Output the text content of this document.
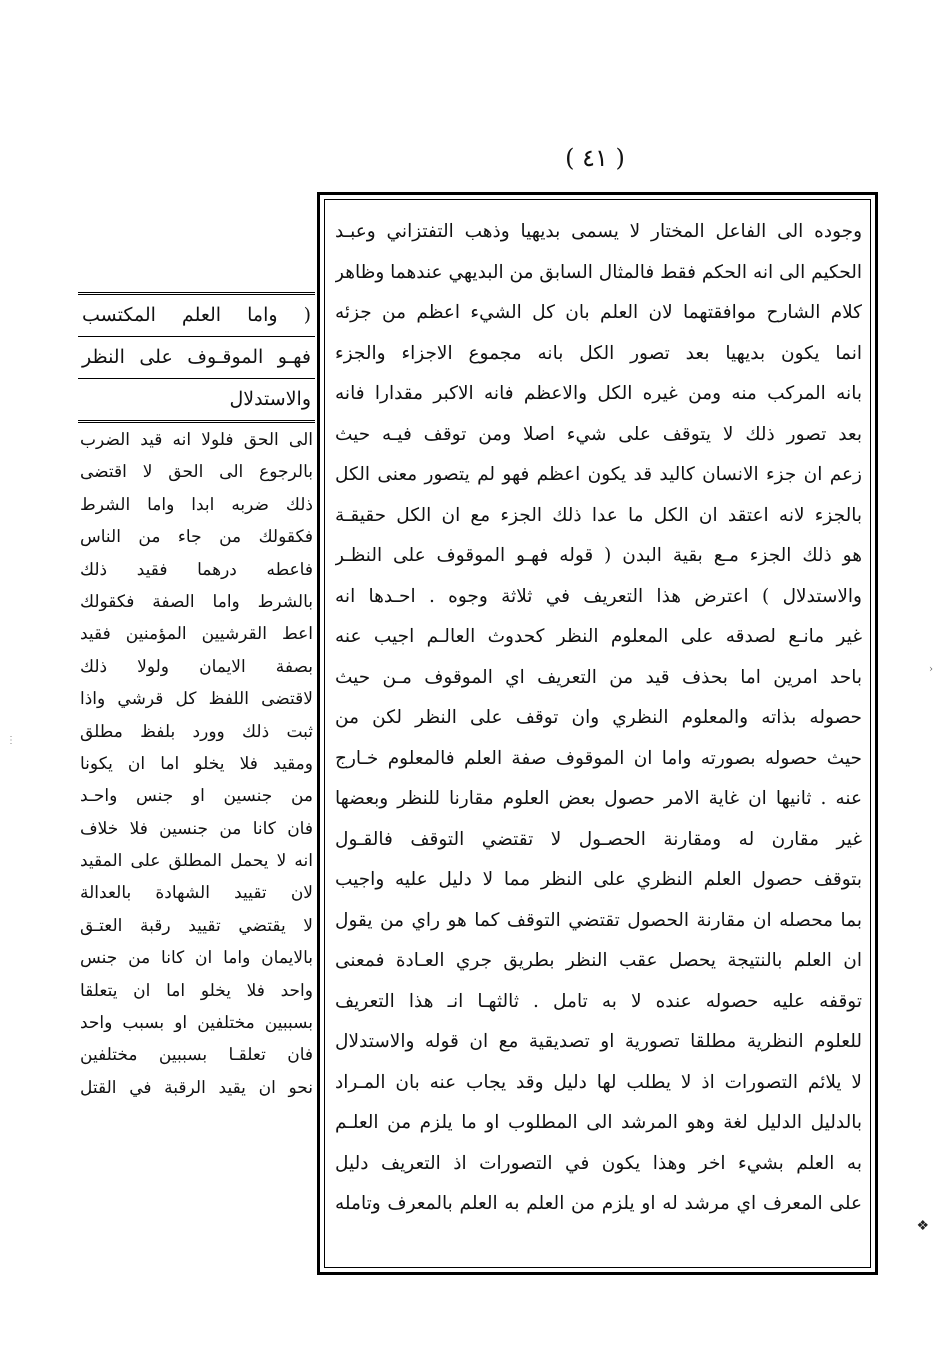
( ٤١ )
( واما العلم المكتسب
فهـو الموقـوف على النظر
والاستدلال
الى الحق فلولا انه قيد الضرب
بالرجوع الى الحق لا اقتضى
ذلك ضربه ابدا واما الشرط
فكقولك من جاء من الناس
فاعطه درهما فقيد ذلك
بالشرط واما الصفة فكقولك
اعط القرشيين المؤمنين فقيد
بصفة الايمان ولولا ذلك
لاقتضى اللفظ كل قرشي واذا
ثبت ذلك وورد بلفظ مطلق
ومقيد فلا يخلو اما ان يكونا
من جنسين او جنس واحـد
فان كانا من جنسين فلا خلاف
انه لا يحمل المطلق على المقيد
لان تقييد الشهادة بالعدالة
لا يقتضي تقييد رقبة العتـق
بالايمان واما ان كانا من جنس
واحد فلا يخلو اما ان يتعلقا
بسببين مختلفين او بسبب واحد
فان تعلقـا بسببين مختلفين
نحو ان يقيد الرقبة في القتل
وجوده الى الفاعل المختار لا يسمى بديهيا وذهب التفتزاني وعبـد
الحكيم الى انه الحكم فقط فالمثال السابق من البديهي عندهما وظاهر
كلام الشارح موافقتهما لان العلم بان كل الشيء اعظم من جزئه
انما يكون بديهيا بعد تصور الكل بانه مجموع الاجزاء والجزء
بانه المركب منه ومن غيره الكل والاعظم فانه الاكبر مقدارا فانه
بعد تصور ذلك لا يتوقف على شيء اصلا ومن توقف فيـه حيث
زعم ان جزء الانسان كاليد قد يكون اعظم فهو لم يتصور معنى الكل
بالجزء لانه اعتقد ان الكل ما عدا ذلك الجزء مع ان الكل حقيقـة
هو ذلك الجزء مـع بقية البدن ( قوله فهـو الموقوف على النظـر
والاستدلال ) اعترض هذا التعريف في ثلاثة وجوه . احـدها انه
غير مانـع لصدقه على المعلوم النظر كحدوث العالـم اجيب عنه
باحد امرين اما بحذف قيد من التعريف اي الموقوف مـن حيث
حصوله بذاته والمعلوم النظري وان توقف على النظر لكن من
حيث حصوله بصورته واما ان الموقوف صفة العلم فالمعلوم خـارج
عنه . ثانيها ان غاية الامر حصول بعض العلوم مقارنا للنظر وبعضها
غير مقارن له ومقارنة الحصـول لا تقتضي التوقف فالقـول
بتوقف حصول العلم النظري على النظر مما لا دليل عليه واجيب
بما محصله ان مقارنة الحصول تقتضي التوقف كما هو راي من يقول
ان العلم بالنتيجة يحصل عقب النظر بطريق جري العـادة فمعنى
توقفه عليه حصوله عنده لا به تامل . ثالثهـا انـ هذا التعريف
للعلوم النظرية مطلقا تصورية او تصديقية مع ان قوله والاستدلال
لا يلائم التصورات اذ لا يطلب لها دليل وقد يجاب عنه بان المـراد
بالدليل الدليل لغة وهو المرشد الى المطلوب او ما يلزم من العلـم
به العلم بشيء اخر وهذا يكون في التصورات اذ التعريف دليل
على المعرف اي مرشد له او يلزم من العلم به العلم بالمعرف وتامله
❖
⋮
›
